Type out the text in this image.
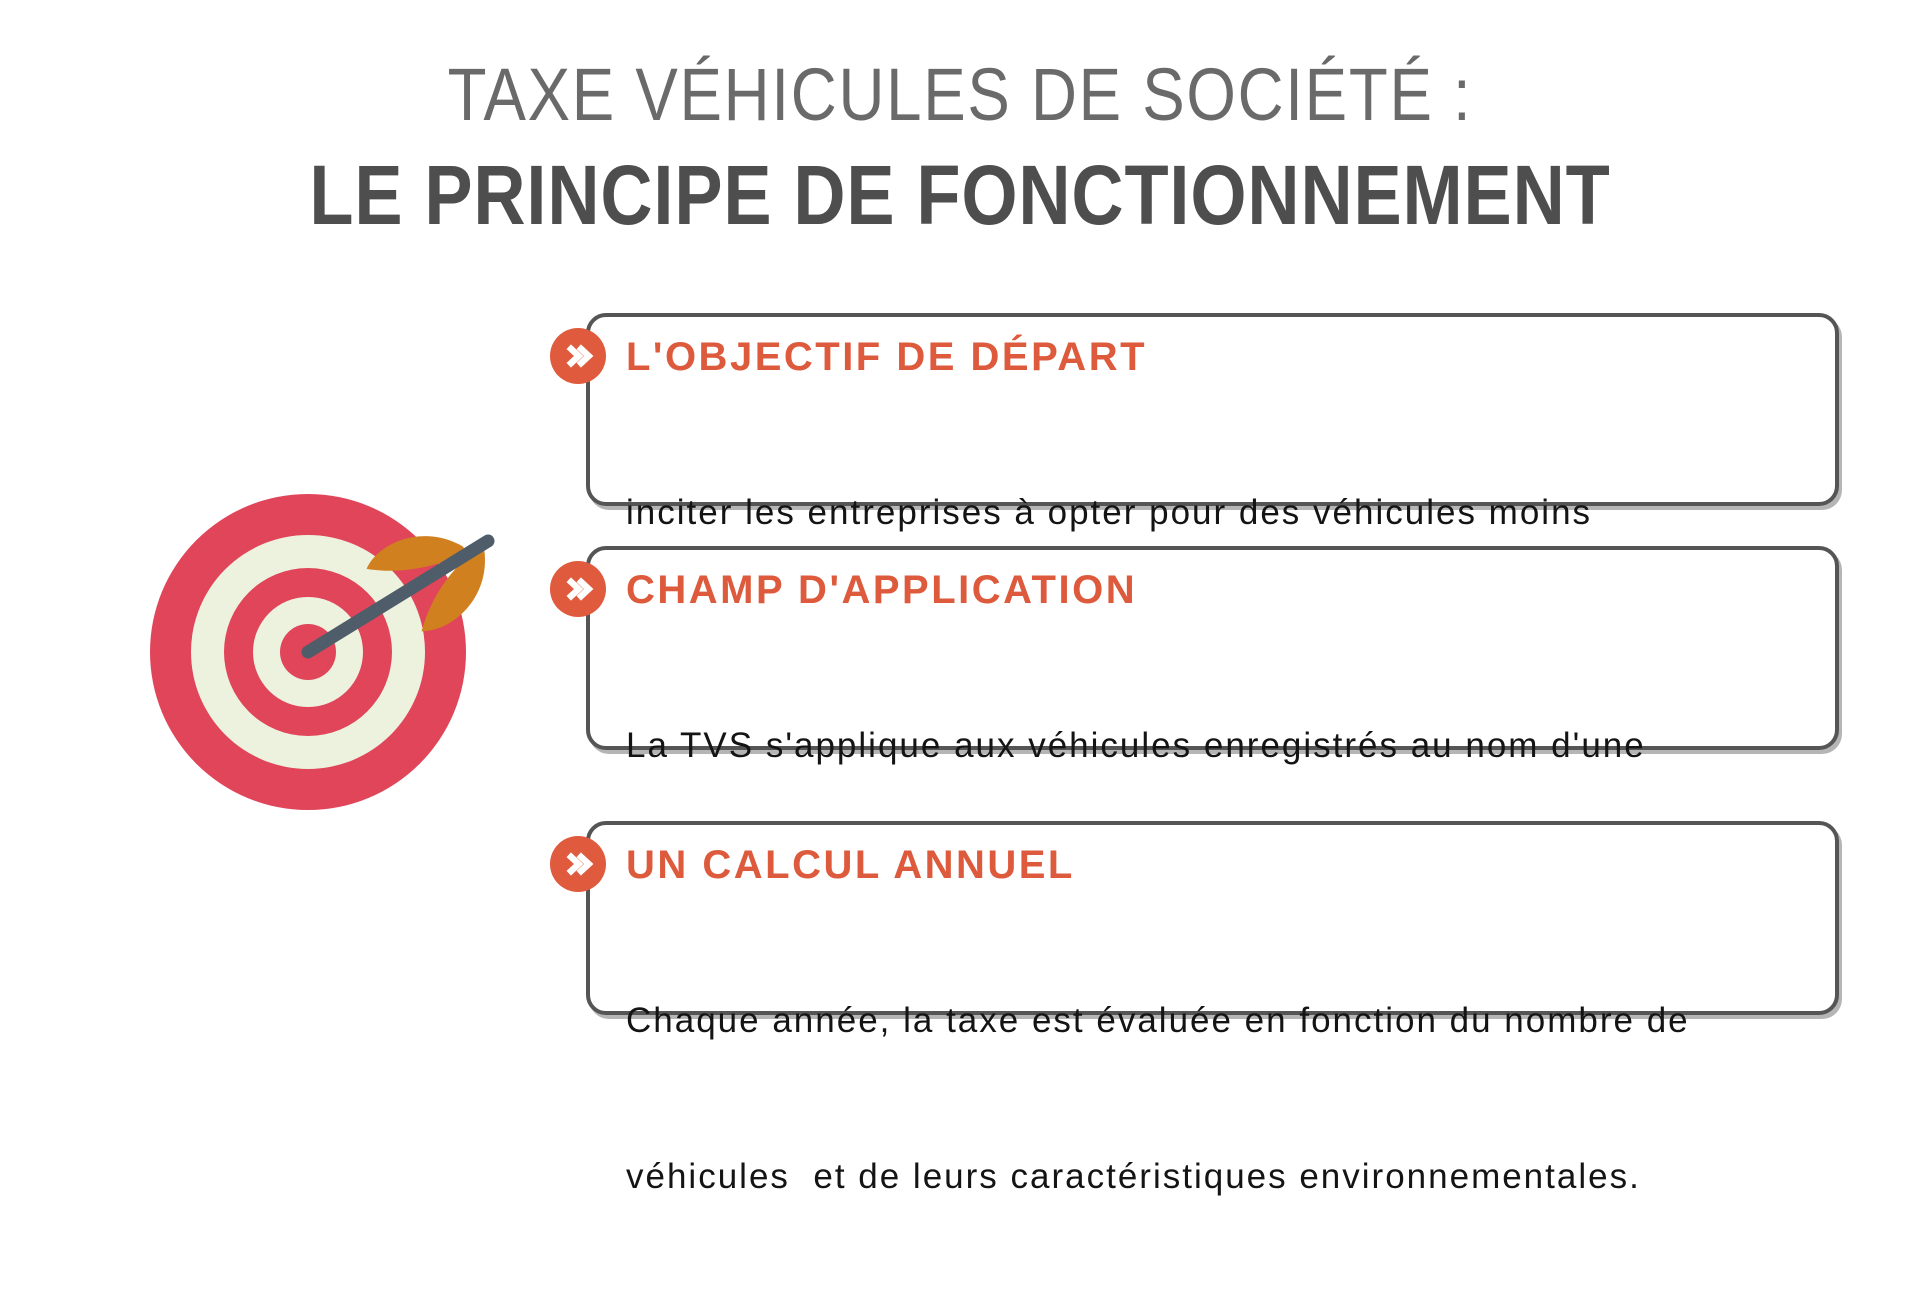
TAXE VÉHICULES DE SOCIÉTÉ :
LE PRINCIPE DE FONCTIONNEMENT
L'OBJECTIF DE DÉPART

inciter les entreprises à opter pour des véhicules moins

CHAMP D'APPLICATION

La TVS s'applique aux véhicules enregistrés au nom d'une

UN CALCUL ANNUEL

Chaque année, la taxe est évaluée en fonction du nombre de

véhicules  et de leurs caractéristiques environnementales.
